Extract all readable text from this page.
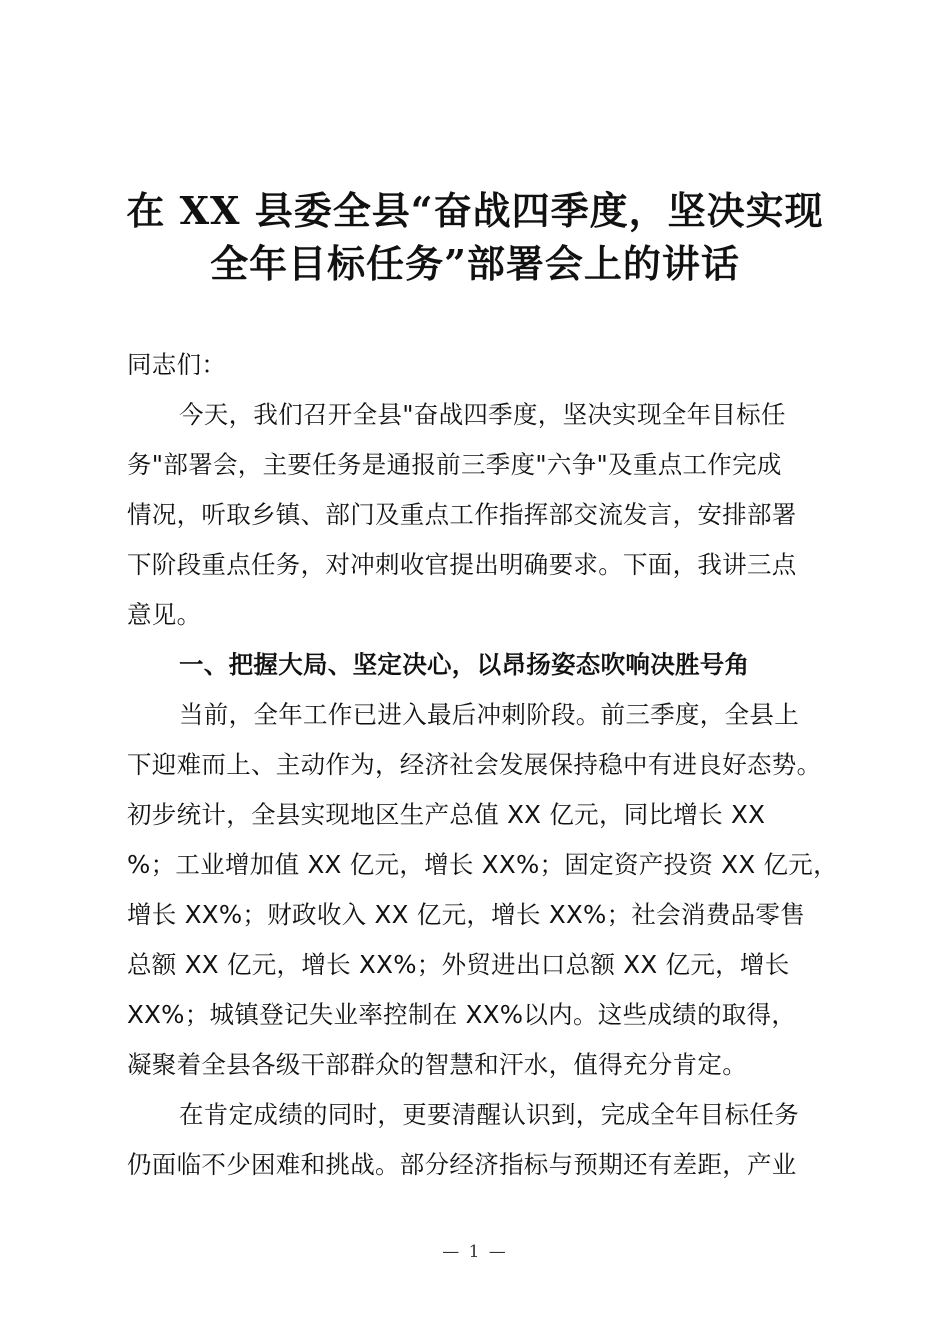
在 XX 县委全县“奋战四季度，坚决实现
全年目标任务”部署会上的讲话
同志们：
今天，我们召开全县"奋战四季度，坚决实现全年目标任
务"部署会，主要任务是通报前三季度"六争"及重点工作完成
情况，听取乡镇、部门及重点工作指挥部交流发言，安排部署
下阶段重点任务，对冲刺收官提出明确要求。下面，我讲三点
意见。
一、把握大局、坚定决心，以昂扬姿态吹响决胜号角
当前，全年工作已进入最后冲刺阶段。前三季度，全县上
下迎难而上、主动作为，经济社会发展保持稳中有进良好态势。
初步统计，全县实现地区生产总值 XX 亿元，同比增长 XX
%；工业增加值 XX 亿元，增长 XX%；固定资产投资 XX 亿元，
增长 XX%；财政收入 XX 亿元，增长 XX%；社会消费品零售
总额 XX 亿元，增长 XX%；外贸进出口总额 XX 亿元，增长
XX%；城镇登记失业率控制在 XX%以内。这些成绩的取得，
凝聚着全县各级干部群众的智慧和汗水，值得充分肯定。
在肯定成绩的同时，更要清醒认识到，完成全年目标任务
仍面临不少困难和挑战。部分经济指标与预期还有差距，产业
— 1 —
